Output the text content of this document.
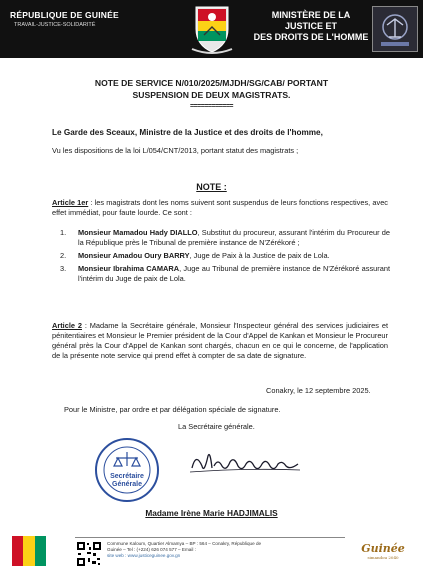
RÉPUBLIQUE DE GUINÉE
TRAVAIL-JUSTICE-SOLIDARITÉ
MINISTÈRE DE LA JUSTICE ET
DES DROITS DE L'HOMME
NOTE DE SERVICE N/010/2025/MJDH/SG/CAB/ PORTANT
SUSPENSION DE DEUX MAGISTRATS.
============
Le Garde des Sceaux, Ministre de la Justice et des droits de l'homme,
Vu les dispositions de la loi L/054/CNT/2013, portant statut des magistrats ;
NOTE :
Article 1er : les magistrats dont les noms suivent sont suspendus de leurs fonctions respectives, avec effet immédiat, pour faute lourde. Ce sont :
1. Monsieur Mamadou Hady DIALLO, Substitut du procureur, assurant l'intérim du Procureur de la République près le Tribunal de première instance de N'Zérékoré ;
2. Monsieur Amadou Oury BARRY, Juge de Paix à la Justice de paix de Lola.
3. Monsieur Ibrahima CAMARA, Juge au Tribunal de première instance de N'Zérékoré assurant l'intérim du Juge de paix de Lola.
Article 2 : Madame la Secrétaire générale, Monsieur l'Inspecteur général des services judiciaires et pénitentiaires et Monsieur le Premier président de la Cour d'Appel de Kankan et Monsieur le Procureur général près la Cour d'Appel de Kankan sont chargés, chacun en ce qui le concerne, de l'application de la présente note service qui prend effet à compter de sa date de signature.
Conakry, le 12 septembre 2025.
Pour le Ministre, par ordre et par délégation spéciale de signature.
La Secrétaire générale.
Secrétaire
Générale
Madame Irène Marie HADJIMALIS
Commune Kaloum, Quartier Almamya – BP : 564 – Conakry, République de
Guinée – Tel : (+224) 626 074 577 – Email :
site web : www.justiceguinee.gov.gn
Guinée
simandou 2040
